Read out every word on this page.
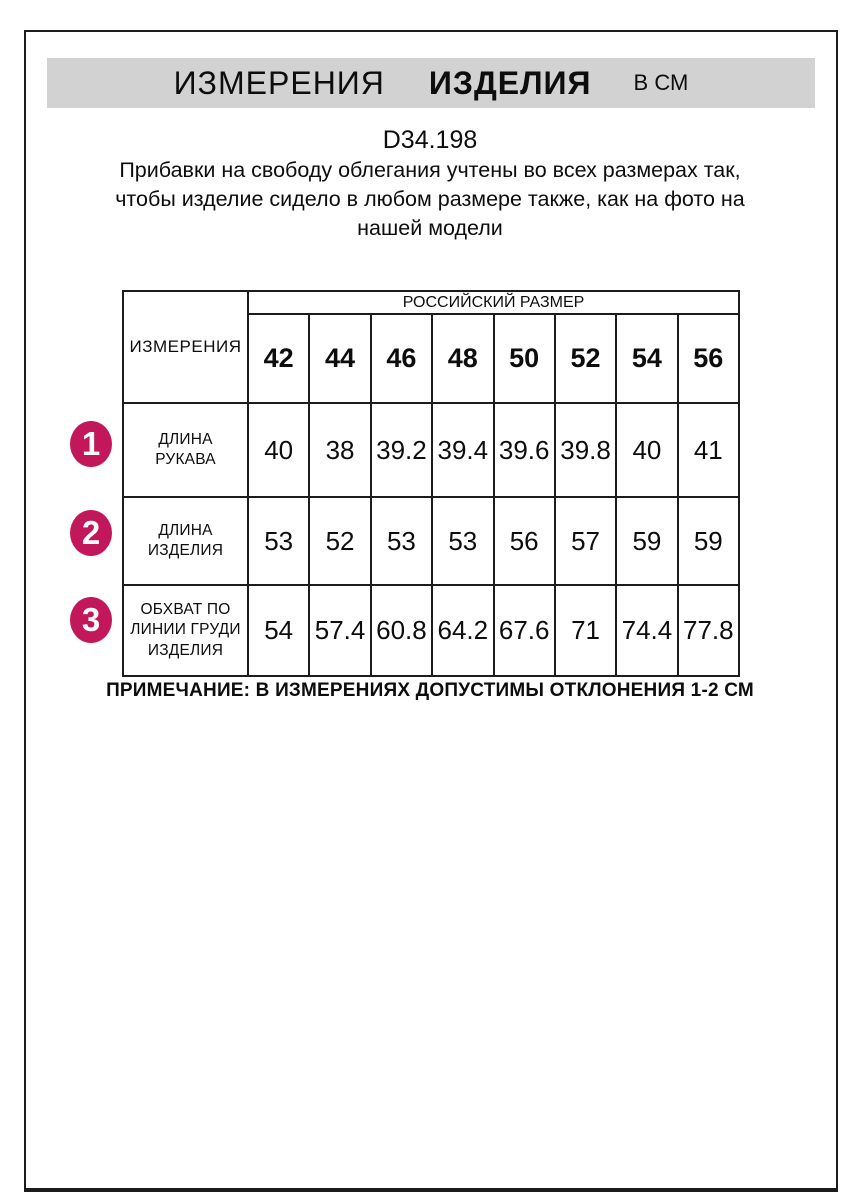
ИЗМЕРЕНИЯ ИЗДЕЛИЯ В СМ
D34.198

Прибавки на свободу облегания учтены во всех размерах так, чтобы изделие сидело в любом размере также, как на фото на нашей модели

1
2
3
ИЗМЕРЕНИЯ	РОССИЙСКИЙ РАЗМЕР							
	42	44	46	48	50	52	54	56
ДЛИНА РУКАВА	40	38	39.2	39.4	39.6	39.8	40	41
ДЛИНА ИЗДЕЛИЯ	53	52	53	53	56	57	59	59
ОБХВАТ ПО ЛИНИИ ГРУДИ ИЗДЕЛИЯ	54	57.4	60.8	64.2	67.6	71	74.4	77.8
ПРИМЕЧАНИЕ: В ИЗМЕРЕНИЯХ ДОПУСТИМЫ ОТКЛОНЕНИЯ 1-2 СМ
